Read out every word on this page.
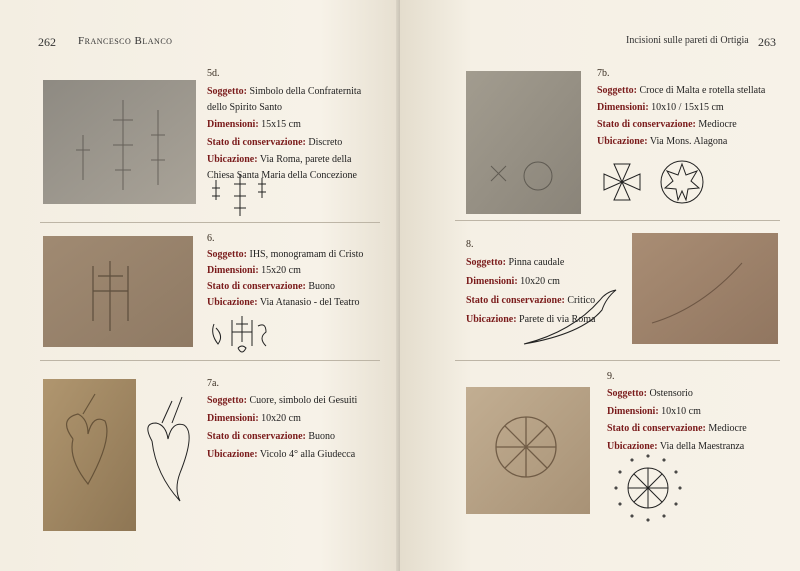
262 Francesco Blanco
5d.

Soggetto: Simbolo della Confraternita dello Spirito Santo

Dimensioni: 15x15 cm

Stato di conservazione: Discreto

Ubicazione: Via Roma, parete della Chiesa Santa Maria della Concezione

6.

Soggetto: IHS, monogramam di Cristo

Dimensioni: 15x20 cm

Stato di conservazione: Buono

Ubicazione: Via Atanasio - del Teatro

7a.

Soggetto: Cuore, simbolo dei Gesuiti

Dimensioni: 10x20 cm

Stato di conservazione: Buono

Ubicazione: Vicolo 4° alla Giudecca

Incisioni sulle pareti di Ortigia 263
7b.

Soggetto: Croce di Malta e rotella stellata

Dimensioni: 10x10 / 15x15 cm

Stato di conservazione: Mediocre

Ubicazione: Via Mons. Alagona

8.

Soggetto: Pinna caudale

Dimensioni: 10x20 cm

Stato di conservazione: Critico

Ubicazione: Parete di via Roma

9.

Soggetto: Ostensorio

Dimensioni: 10x10 cm

Stato di conservazione: Mediocre

Ubicazione: Via della Maestranza
